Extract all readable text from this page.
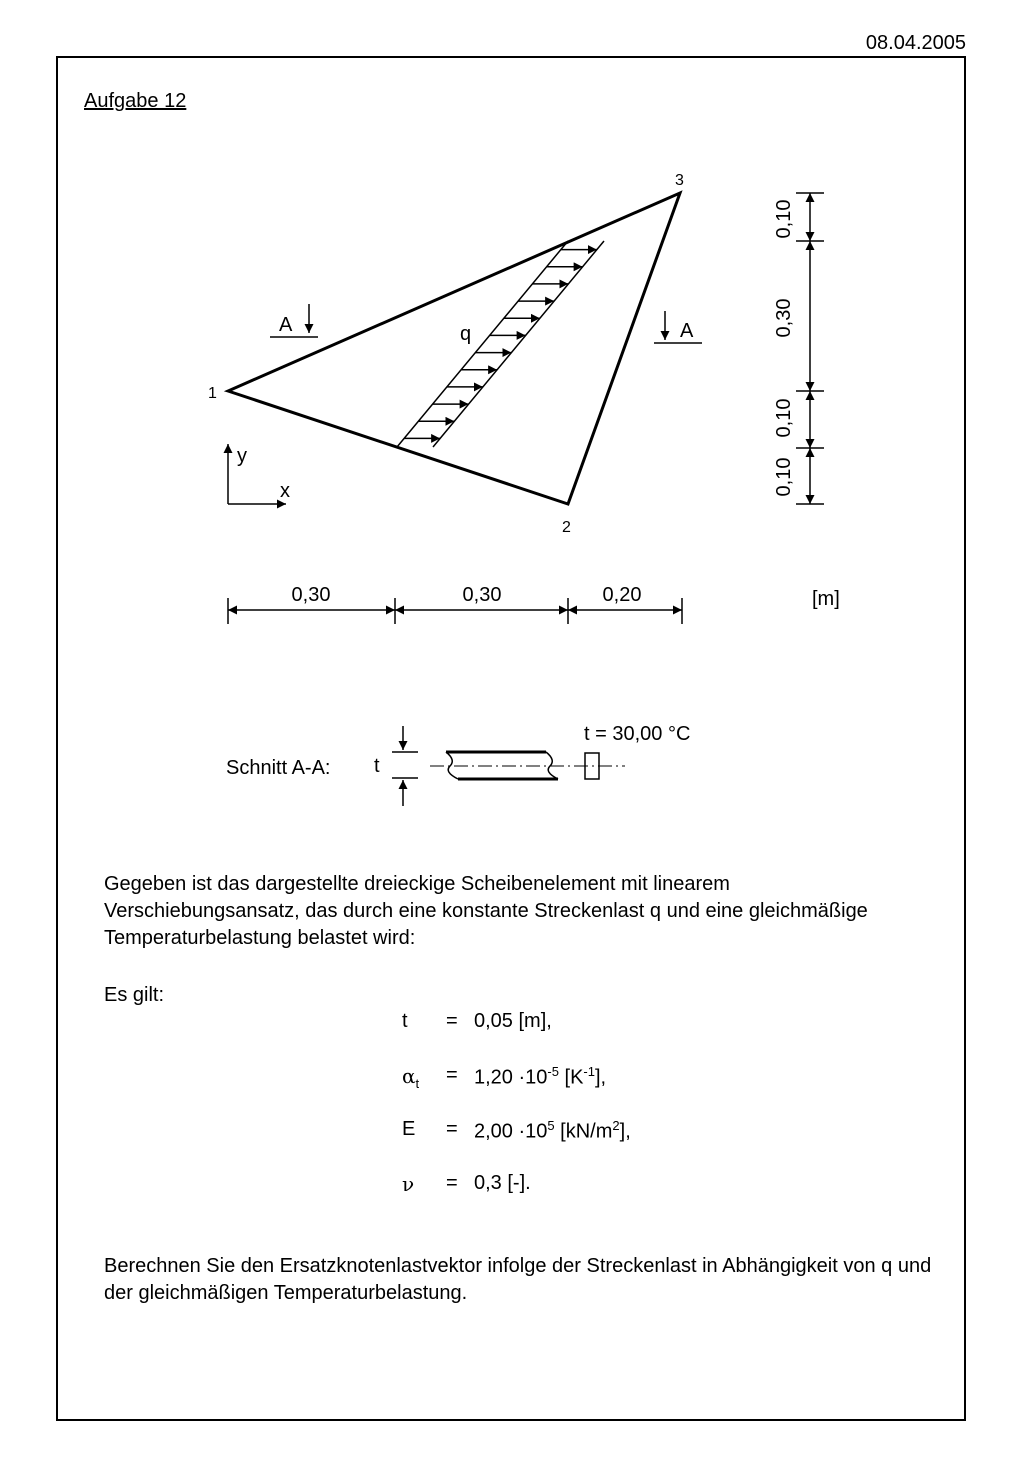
08.04.2005
Aufgabe 12
1
2
3
q
A	A
y
x
0,30	0,30	0,20	[m]
0,10
0,30
0,10
0,10
Schnitt A-A: t
t = 30,00 °C
Gegeben ist das dargestellte dreieckige Scheibenelement mit linearem Verschiebungsansatz, das durch eine konstante Streckenlast q und eine gleichmäßige Temperaturbelastung belastet wird:
Es gilt:
t	= 0,05 [m],
$\alpha_t$	= $1,20 \cdot 10^{-5}$ $[K^{-1}]$,
E	= $2,00 \cdot 10^5$ $[kN/m^2]$,
ν	= 0,3 [-].
Berechnen Sie den Ersatzknotenlastvektor infolge der Streckenlast in Abhängigkeit von q und der gleichmäßigen Temperaturbelastung.
